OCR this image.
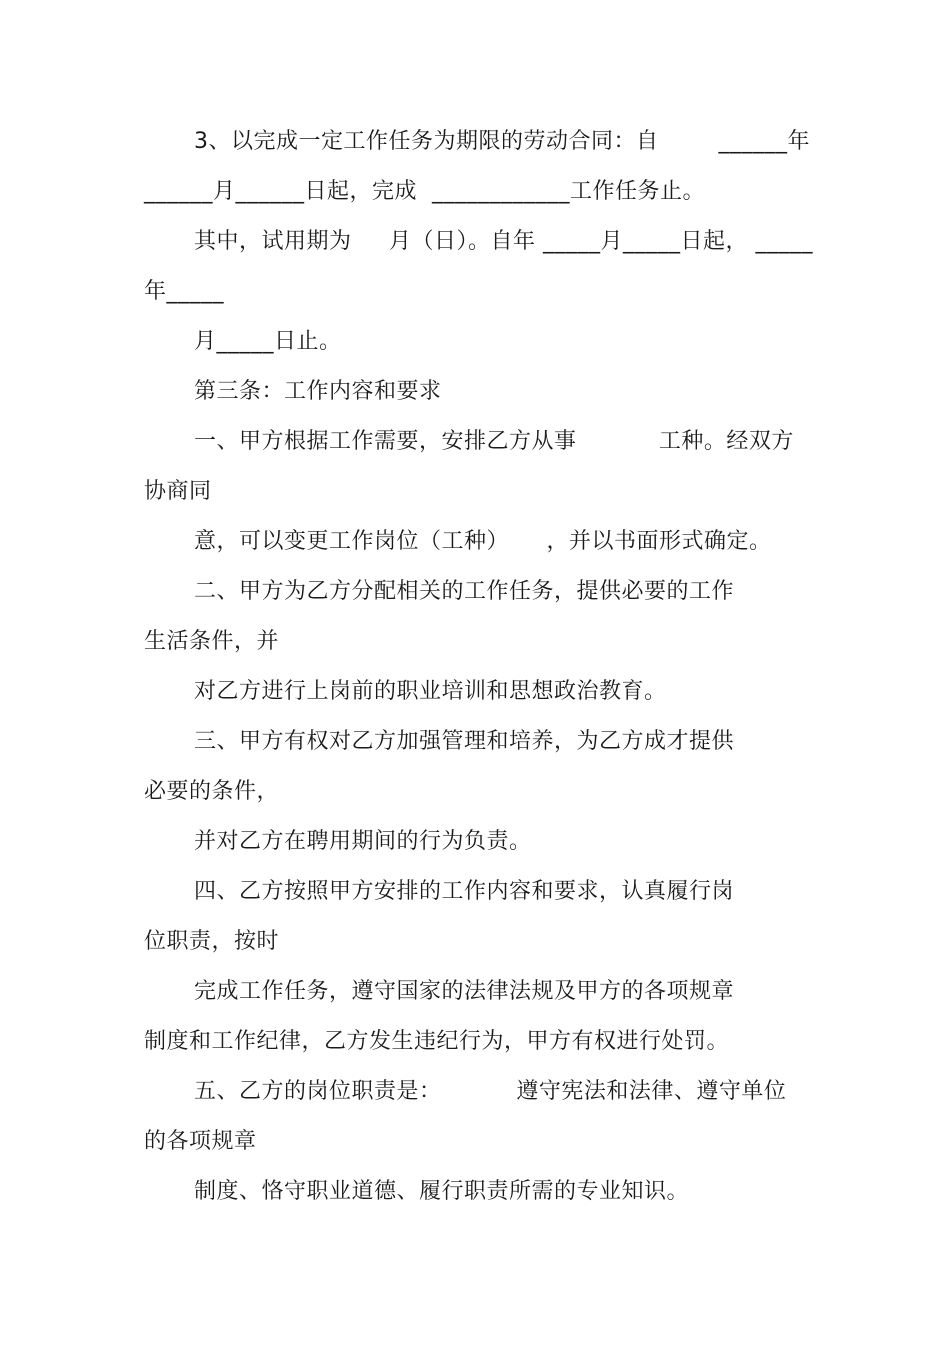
3、以完成一定工作任务为期限的劳动合同：自        ______年
______月______日起，完成  ____________工作任务止。
其中，试用期为     月（日）。自年 _____月_____日起， _____
年_____
月_____日止。
第三条：工作内容和要求
一、甲方根据工作需要，安排乙方从事           工种。经双方
协商同
意，可以变更工作岗位（工种）     ，并以书面形式确定。
二、甲方为乙方分配相关的工作任务，提供必要的工作
生活条件，并
对乙方进行上岗前的职业培训和思想政治教育。
三、甲方有权对乙方加强管理和培养，为乙方成才提供
必要的条件，
并对乙方在聘用期间的行为负责。
四、乙方按照甲方安排的工作内容和要求，认真履行岗
位职责，按时
完成工作任务，遵守国家的法律法规及甲方的各项规章
制度和工作纪律，乙方发生违纪行为，甲方有权进行处罚。
五、乙方的岗位职责是：          遵守宪法和法律、遵守单位
的各项规章
制度、恪守职业道德、履行职责所需的专业知识。
